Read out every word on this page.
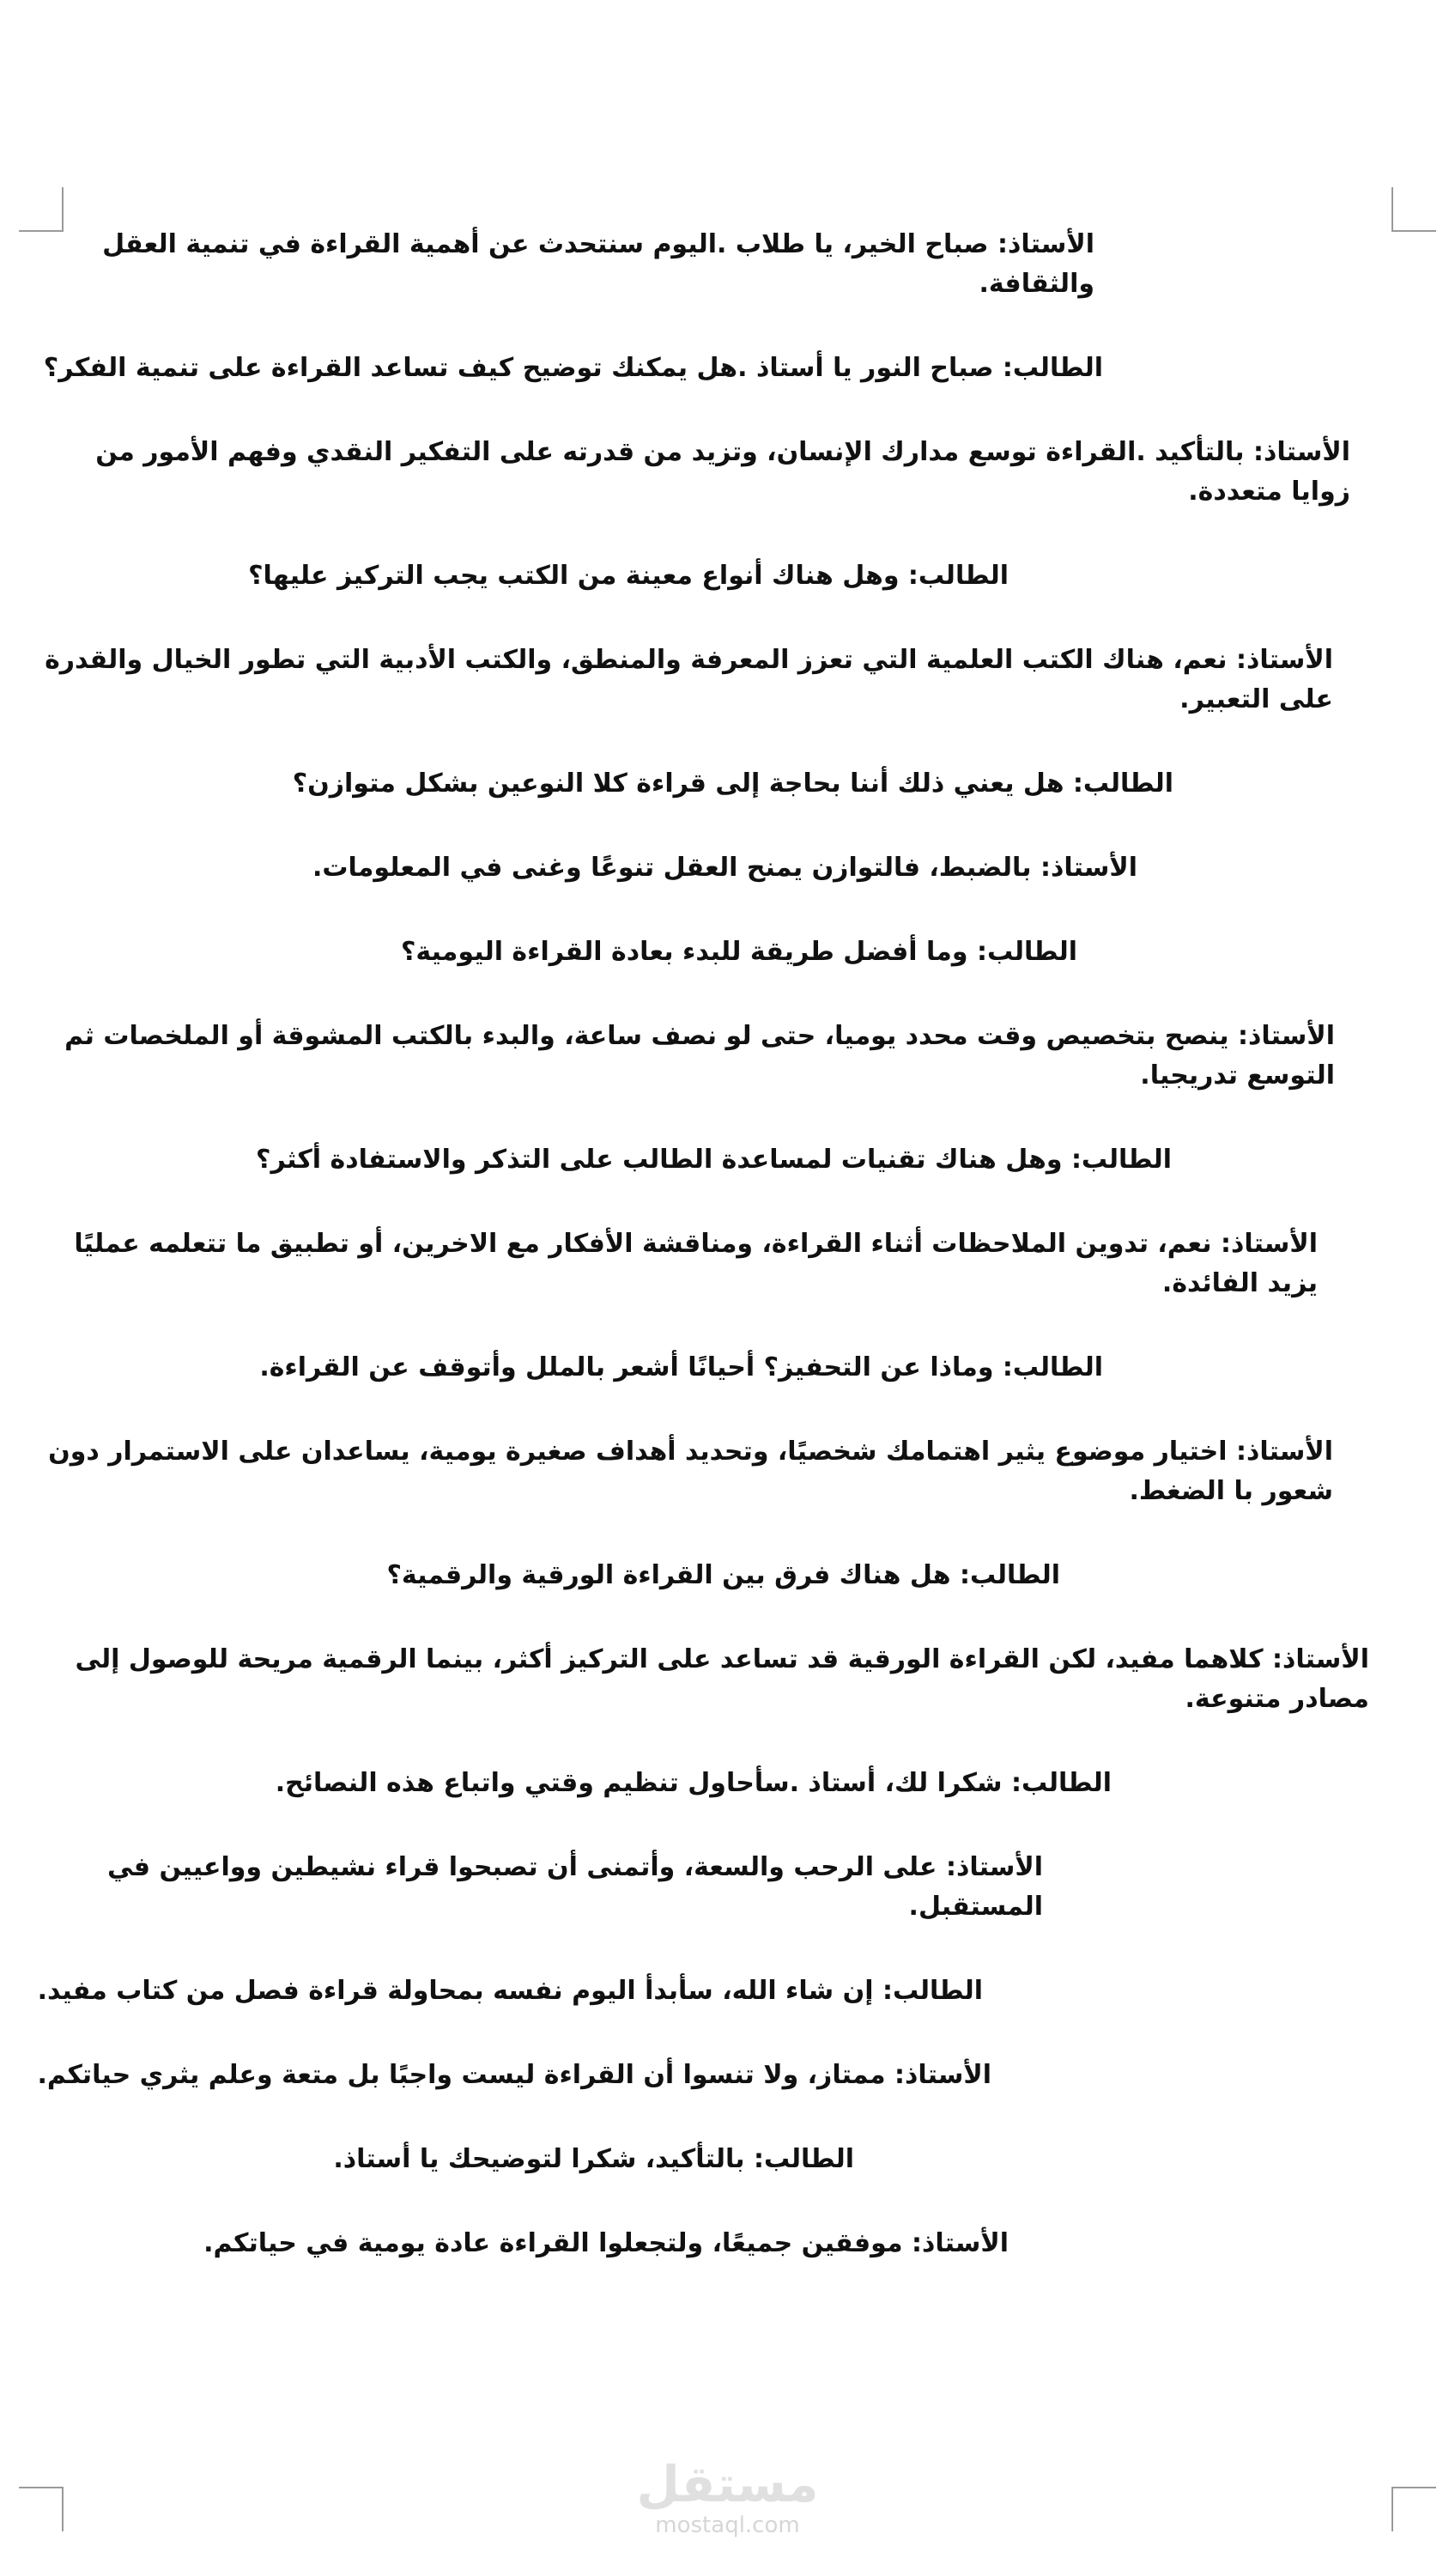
الأستاذ: صباح الخير، يا طلاب .اليوم سنتحدث عن أهمية القراءة في تنمية العقل والثقافة.

الطالب: صباح النور يا أستاذ .هل يمكنك توضيح كيف تساعد القراءة على تنمية الفكر؟

الأستاذ: بالتأكيد .القراءة توسع مدارك الإنسان، وتزيد من قدرته على التفكير النقدي وفهم الأمور من زوايا متعددة.

الطالب: وهل هناك أنواع معينة من الكتب يجب التركيز عليها؟

الأستاذ: نعم، هناك الكتب العلمية التي تعزز المعرفة والمنطق، والكتب الأدبية التي تطور الخيال والقدرة على التعبير.

الطالب: هل يعني ذلك أننا بحاجة إلى قراءة كلا النوعين بشكل متوازن؟

الأستاذ: بالضبط، فالتوازن يمنح العقل تنوعًا وغنى في المعلومات.

الطالب: وما أفضل طريقة للبدء بعادة القراءة اليومية؟

الأستاذ: ينصح بتخصيص وقت محدد يوميا، حتى لو نصف ساعة، والبدء بالكتب المشوقة أو الملخصات ثم التوسع تدريجيا.

الطالب: وهل هناك تقنيات لمساعدة الطالب على التذكر والاستفادة أكثر؟

الأستاذ: نعم، تدوين الملاحظات أثناء القراءة، ومناقشة الأفكار مع الاخرين، أو تطبيق ما تتعلمه عمليًا يزيد الفائدة.

الطالب: وماذا عن التحفيز؟ أحيانًا أشعر بالملل وأتوقف عن القراءة.

الأستاذ: اختيار موضوع يثير اهتمامك شخصيًا، وتحديد أهداف صغيرة يومية، يساعدان على الاستمرار دون شعور با الضغط.

الطالب: هل هناك فرق بين القراءة الورقية والرقمية؟

الأستاذ: كلاهما مفيد، لكن القراءة الورقية قد تساعد على التركيز أكثر، بينما الرقمية مريحة للوصول إلى مصادر متنوعة.

الطالب: شكرا لك، أستاذ .سأحاول تنظيم وقتي واتباع هذه النصائح.

الأستاذ: على الرحب والسعة، وأتمنى أن تصبحوا قراء نشيطين وواعيين في المستقبل.

الطالب: إن شاء الله، سأبدأ اليوم نفسه بمحاولة قراءة فصل من كتاب مفيد.

الأستاذ: ممتاز، ولا تنسوا أن القراءة ليست واجبًا بل متعة وعلم يثري حياتكم.

الطالب: بالتأكيد، شكرا لتوضيحك يا أستاذ.

الأستاذ: موفقين جميعًا، ولتجعلوا القراءة عادة يومية في حياتكم.

مستقل
mostaql.com
